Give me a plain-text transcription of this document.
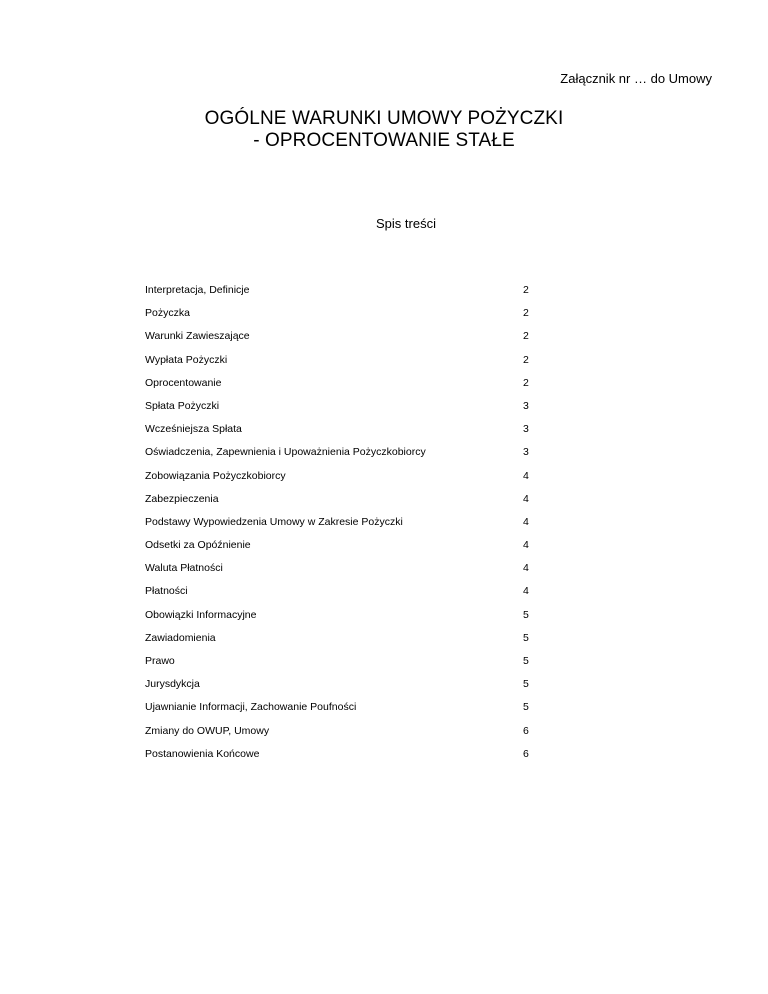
Załącznik nr … do Umowy
OGÓLNE WARUNKI UMOWY POŻYCZKI
- OPROCENTOWANIE STAŁE
Spis treści
Interpretacja, Definicje	2
Pożyczka	2
Warunki Zawieszające	2
Wypłata Pożyczki	2
Oprocentowanie	2
Spłata Pożyczki	3
Wcześniejsza Spłata	3
Oświadczenia, Zapewnienia i Upoważnienia Pożyczkobiorcy	3
Zobowiązania Pożyczkobiorcy	4
Zabezpieczenia	4
Podstawy Wypowiedzenia Umowy w Zakresie Pożyczki	4
Odsetki za Opóźnienie	4
Waluta Płatności	4
Płatności	4
Obowiązki Informacyjne	5
Zawiadomienia	5
Prawo	5
Jurysdykcja	5
Ujawnianie Informacji, Zachowanie Poufności	5
Zmiany do OWUP, Umowy	6
Postanowienia Końcowe	6
